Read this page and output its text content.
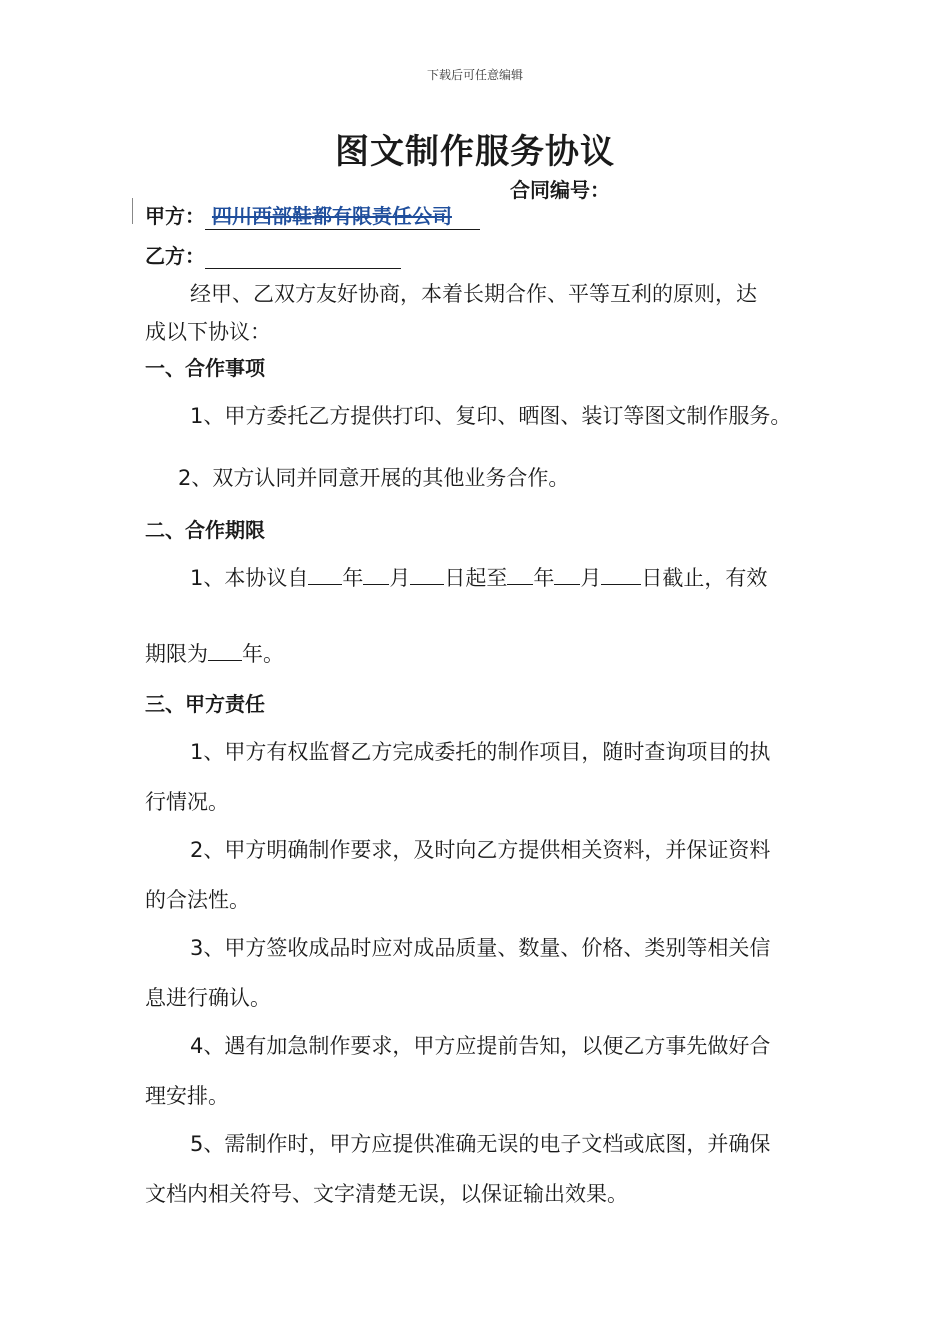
下载后可任意编辑
图文制作服务协议
合同编号：
甲方： 四川西部鞋都有限责任公司
乙方：
经甲、乙双方友好协商，本着长期合作、平等互利的原则，达
成以下协议：
一、合作事项
1、甲方委托乙方提供打印、复印、晒图、装订等图文制作服务。
2、双方认同并同意开展的其他业务合作。
二、合作期限
1、本协议自 年 月 日起至 年 月 日截止，有效
期限为 年。
三、甲方责任
1、甲方有权监督乙方完成委托的制作项目，随时查询项目的执
行情况。
2、甲方明确制作要求，及时向乙方提供相关资料，并保证资料
的合法性。
3、甲方签收成品时应对成品质量、数量、价格、类别等相关信
息进行确认。
4、遇有加急制作要求，甲方应提前告知，以便乙方事先做好合
理安排。
5、需制作时，甲方应提供准确无误的电子文档或底图，并确保
文档内相关符号、文字清楚无误，以保证输出效果。
